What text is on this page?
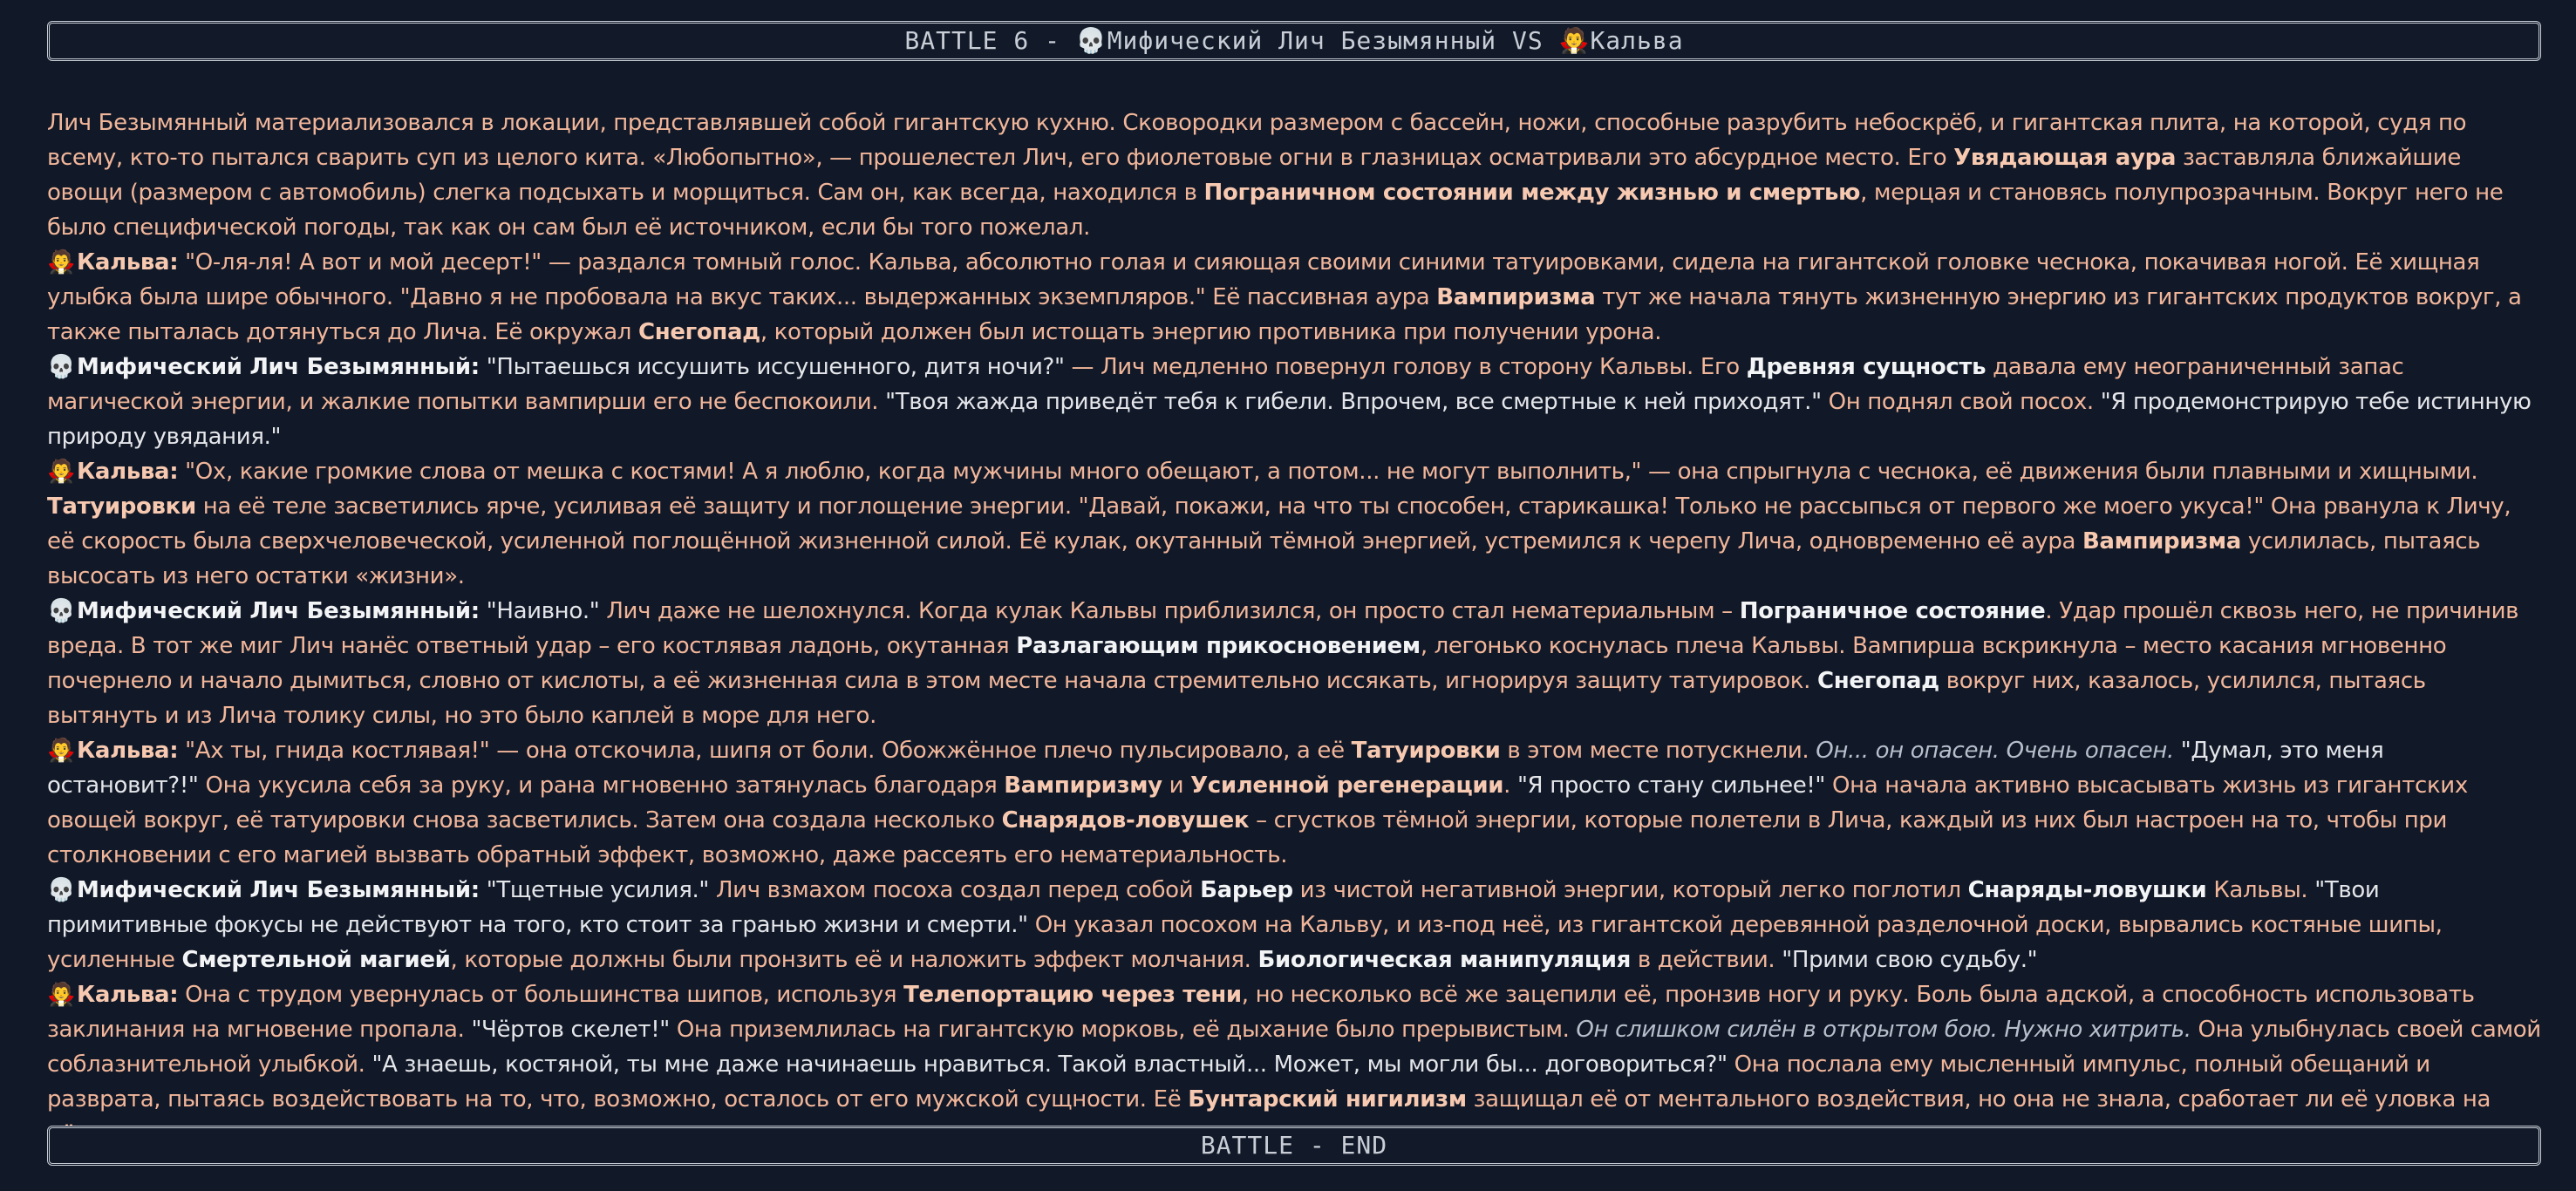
BATTLE 6 - 💀Мифический Лич Безымянный VS 🧛Кальва

Лич Безымянный материализовался в локации, представлявшей собой гигантскую кухню. Сковородки размером с бассейн, ножи, способные разрубить небоскрёб, и гигантская плита, на которой, судя по всему, кто-то пытался сварить суп из целого кита. «Любопытно», — прошелестел Лич, его фиолетовые огни в глазницах осматривали это абсурдное место. Его Увядающая аура заставляла ближайшие овощи (размером с автомобиль) слегка подсыхать и морщиться. Сам он, как всегда, находился в Пограничном состоянии между жизнью и смертью, мерцая и становясь полупрозрачным. Вокруг него не было специфической погоды, так как он сам был её источником, если бы того пожелал.

🧛Кальва: "О-ля-ля! А вот и мой десерт!" — раздался томный голос. Кальва, абсолютно голая и сияющая своими синими татуировками, сидела на гигантской головке чеснока, покачивая ногой. Её хищная улыбка была шире обычного. "Давно я не пробовала на вкус таких... выдержанных экземпляров." Её пассивная аура Вампиризма тут же начала тянуть жизненную энергию из гигантских продуктов вокруг, а также пыталась дотянуться до Лича. Её окружал Снегопад, который должен был истощать энергию противника при получении урона.

💀Мифический Лич Безымянный: "Пытаешься иссушить иссушенного, дитя ночи?" — Лич медленно повернул голову в сторону Кальвы. Его Древняя сущность давала ему неограниченный запас магической энергии, и жалкие попытки вампирши его не беспокоили. "Твоя жажда приведёт тебя к гибели. Впрочем, все смертные к ней приходят." Он поднял свой посох. "Я продемонстрирую тебе истинную природу увядания."

🧛Кальва: "Ох, какие громкие слова от мешка с костями! А я люблю, когда мужчины много обещают, а потом... не могут выполнить," — она спрыгнула с чеснока, её движения были плавными и хищными. Татуировки на её теле засветились ярче, усиливая её защиту и поглощение энергии. "Давай, покажи, на что ты способен, старикашка! Только не рассыпься от первого же моего укуса!" Она рванула к Личу, её скорость была сверхчеловеческой, усиленной поглощённой жизненной силой. Её кулак, окутанный тёмной энергией, устремился к черепу Лича, одновременно её аура Вампиризма усилилась, пытаясь высосать из него остатки «жизни».

💀Мифический Лич Безымянный: "Наивно." Лич даже не шелохнулся. Когда кулак Кальвы приблизился, он просто стал нематериальным – Пограничное состояние. Удар прошёл сквозь него, не причинив вреда. В тот же миг Лич нанёс ответный удар – его костлявая ладонь, окутанная Разлагающим прикосновением, легонько коснулась плеча Кальвы. Вампирша вскрикнула – место касания мгновенно почернело и начало дымиться, словно от кислоты, а её жизненная сила в этом месте начала стремительно иссякать, игнорируя защиту татуировок. Снегопад вокруг них, казалось, усилился, пытаясь вытянуть и из Лича толику силы, но это было каплей в море для него.

🧛Кальва: "Ах ты, гнида костлявая!" — она отскочила, шипя от боли. Обожжённое плечо пульсировало, а её Татуировки в этом месте потускнели. Он... он опасен. Очень опасен. "Думал, это меня остановит?!" Она укусила себя за руку, и рана мгновенно затянулась благодаря Вампиризму и Усиленной регенерации. "Я просто стану сильнее!" Она начала активно высасывать жизнь из гигантских овощей вокруг, её татуировки снова засветились. Затем она создала несколько Снарядов-ловушек – сгустков тёмной энергии, которые полетели в Лича, каждый из них был настроен на то, чтобы при столкновении с его магией вызвать обратный эффект, возможно, даже рассеять его нематериальность.

💀Мифический Лич Безымянный: "Тщетные усилия." Лич взмахом посоха создал перед собой Барьер из чистой негативной энергии, который легко поглотил Снаряды-ловушки Кальвы. "Твои примитивные фокусы не действуют на того, кто стоит за гранью жизни и смерти." Он указал посохом на Кальву, и из-под неё, из гигантской деревянной разделочной доски, вырвались костяные шипы, усиленные Смертельной магией, которые должны были пронзить её и наложить эффект молчания. Биологическая манипуляция в действии. "Прими свою судьбу."

🧛Кальва: Она с трудом увернулась от большинства шипов, используя Телепортацию через тени, но несколько всё же зацепили её, пронзив ногу и руку. Боль была адской, а способность использовать заклинания на мгновение пропала. "Чёртов скелет!" Она приземлилась на гигантскую морковь, её дыхание было прерывистым. Он слишком силён в открытом бою. Нужно хитрить. Она улыбнулась своей самой соблазнительной улыбкой. "А знаешь, костяной, ты мне даже начинаешь нравиться. Такой властный... Может, мы могли бы... договориться?" Она послала ему мысленный импульс, полный обещаний и разврата, пытаясь воздействовать на то, что, возможно, осталось от его мужской сущности. Её Бунтарский нигилизм защищал её от ментального воздействия, но она не знала, сработает ли её уловка на

BATTLE - END
